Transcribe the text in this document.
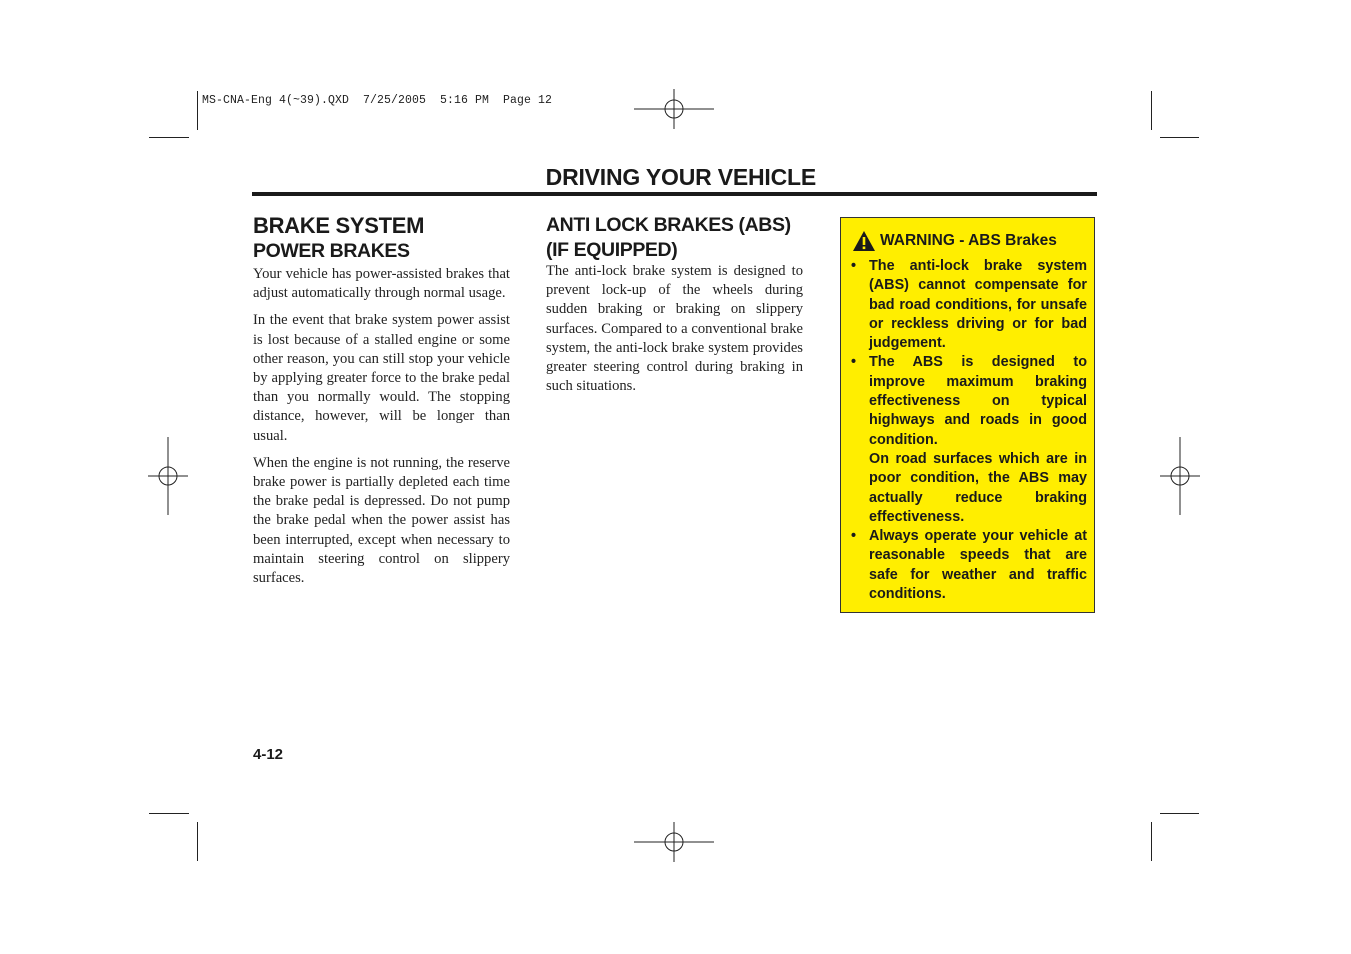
MS-CNA-Eng 4(~39).QXD  7/25/2005  5:16 PM  Page 12
DRIVING YOUR VEHICLE
BRAKE SYSTEM
POWER BRAKES

Your vehicle has power-assisted brakes that adjust automatically through normal usage.

In the event that brake system power assist is lost because of a stalled engine or some other reason, you can still stop your vehicle by applying greater force to the brake pedal than you normally would. The stopping distance, however, will be longer than usual.

When the engine is not running, the reserve brake power is partially depleted each time the brake pedal is depressed. Do not pump the brake pedal when the power assist has been interrupted, except when necessary to maintain steering control on slippery surfaces.

ANTI LOCK BRAKES (ABS)
(IF EQUIPPED)

The anti-lock brake system is designed to prevent lock-up of the wheels during sudden braking or braking on slippery surfaces. Compared to a conventional brake system, the anti-lock brake system provides greater steering control during braking in such situations.

WARNING - ABS Brakes
• The anti-lock brake system (ABS) cannot compensate for bad road conditions, for unsafe or reckless driving or for bad judgement.
• The ABS is designed to improve maximum braking effectiveness on typical highways and roads in good condition.
On road surfaces which are in poor condition, the ABS may actually reduce braking effectiveness.
• Always operate your vehicle at reasonable speeds that are safe for weather and traffic conditions.
4-12
